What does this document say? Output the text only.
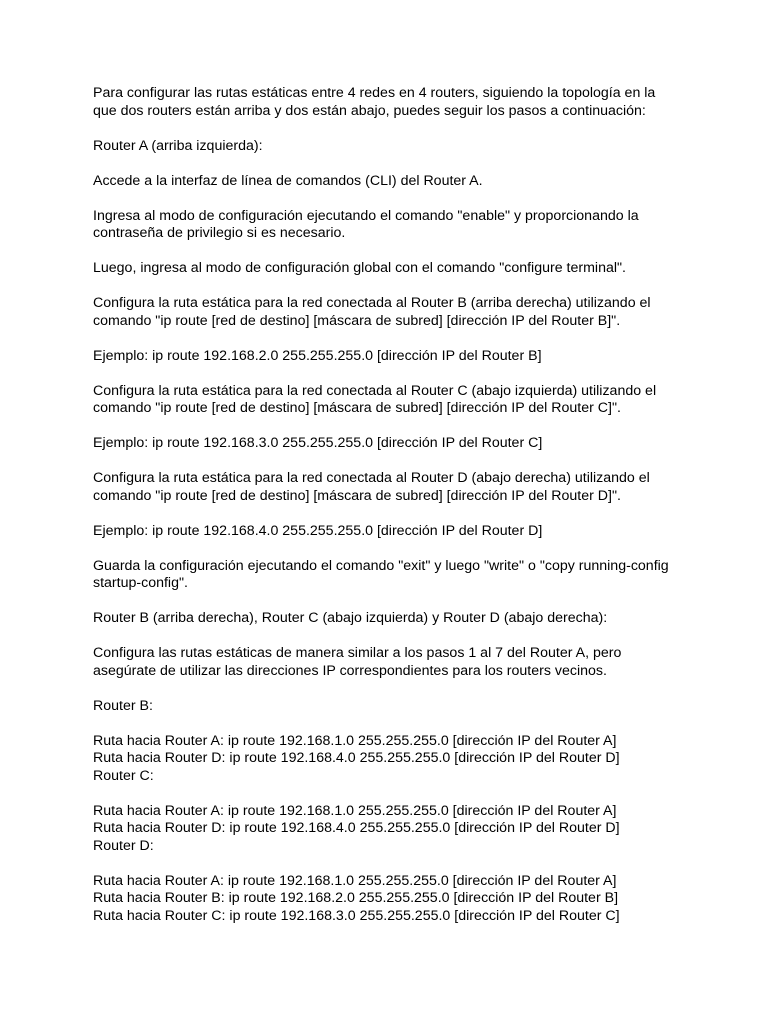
Para configurar las rutas estáticas entre 4 redes en 4 routers, siguiendo la topología en la que dos routers están arriba y dos están abajo, puedes seguir los pasos a continuación:

Router A (arriba izquierda):

Accede a la interfaz de línea de comandos (CLI) del Router A.

Ingresa al modo de configuración ejecutando el comando "enable" y proporcionando la contraseña de privilegio si es necesario.

Luego, ingresa al modo de configuración global con el comando "configure terminal".

Configura la ruta estática para la red conectada al Router B (arriba derecha) utilizando el comando "ip route [red de destino] [máscara de subred] [dirección IP del Router B]".

Ejemplo: ip route 192.168.2.0 255.255.255.0 [dirección IP del Router B]

Configura la ruta estática para la red conectada al Router C (abajo izquierda) utilizando el comando "ip route [red de destino] [máscara de subred] [dirección IP del Router C]".

Ejemplo: ip route 192.168.3.0 255.255.255.0 [dirección IP del Router C]

Configura la ruta estática para la red conectada al Router D (abajo derecha) utilizando el comando "ip route [red de destino] [máscara de subred] [dirección IP del Router D]".

Ejemplo: ip route 192.168.4.0 255.255.255.0 [dirección IP del Router D]

Guarda la configuración ejecutando el comando "exit" y luego "write" o "copy running-config startup-config".

Router B (arriba derecha), Router C (abajo izquierda) y Router D (abajo derecha):

Configura las rutas estáticas de manera similar a los pasos 1 al 7 del Router A, pero asegúrate de utilizar las direcciones IP correspondientes para los routers vecinos.

Router B:

Ruta hacia Router A: ip route 192.168.1.0 255.255.255.0 [dirección IP del Router A]
Ruta hacia Router D: ip route 192.168.4.0 255.255.255.0 [dirección IP del Router D]

Router C:

Ruta hacia Router A: ip route 192.168.1.0 255.255.255.0 [dirección IP del Router A]
Ruta hacia Router D: ip route 192.168.4.0 255.255.255.0 [dirección IP del Router D]

Router D:

Ruta hacia Router A: ip route 192.168.1.0 255.255.255.0 [dirección IP del Router A]
Ruta hacia Router B: ip route 192.168.2.0 255.255.255.0 [dirección IP del Router B]
Ruta hacia Router C: ip route 192.168.3.0 255.255.255.0 [dirección IP del Router C]
